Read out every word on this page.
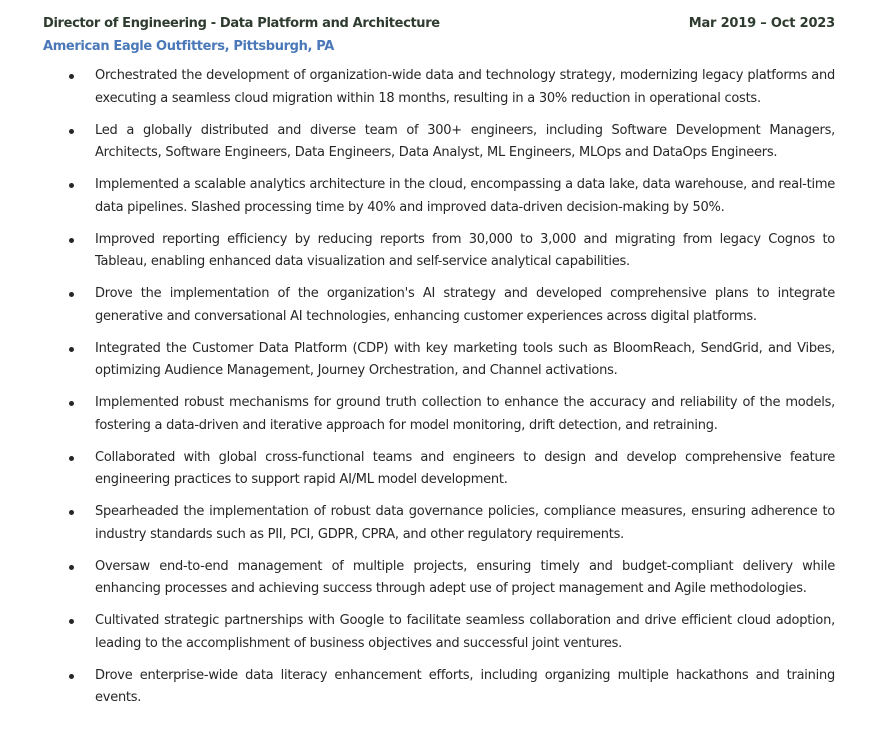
Director of Engineering - Data Platform and Architecture	Mar 2019 – Oct 2023
American Eagle Outfitters, Pittsburgh, PA
Orchestrated the development of organization-wide data and technology strategy, modernizing legacy platforms and executing a seamless cloud migration within 18 months, resulting in a 30% reduction in operational costs.
Led a globally distributed and diverse team of 300+ engineers, including Software Development Managers, Architects, Software Engineers, Data Engineers, Data Analyst, ML Engineers, MLOps and DataOps Engineers.
Implemented a scalable analytics architecture in the cloud, encompassing a data lake, data warehouse, and real-time data pipelines. Slashed processing time by 40% and improved data-driven decision-making by 50%.
Improved reporting efficiency by reducing reports from 30,000 to 3,000 and migrating from legacy Cognos to Tableau, enabling enhanced data visualization and self-service analytical capabilities.
Drove the implementation of the organization's AI strategy and developed comprehensive plans to integrate generative and conversational AI technologies, enhancing customer experiences across digital platforms.
Integrated the Customer Data Platform (CDP) with key marketing tools such as BloomReach, SendGrid, and Vibes, optimizing Audience Management, Journey Orchestration, and Channel activations.
Implemented robust mechanisms for ground truth collection to enhance the accuracy and reliability of the models, fostering a data-driven and iterative approach for model monitoring, drift detection, and retraining.
Collaborated with global cross-functional teams and engineers to design and develop comprehensive feature engineering practices to support rapid AI/ML model development.
Spearheaded the implementation of robust data governance policies, compliance measures, ensuring adherence to industry standards such as PII, PCI, GDPR, CPRA, and other regulatory requirements.
Oversaw end-to-end management of multiple projects, ensuring timely and budget-compliant delivery while enhancing processes and achieving success through adept use of project management and Agile methodologies.
Cultivated strategic partnerships with Google to facilitate seamless collaboration and drive efficient cloud adoption, leading to the accomplishment of business objectives and successful joint ventures.
Drove enterprise-wide data literacy enhancement efforts, including organizing multiple hackathons and training events.
